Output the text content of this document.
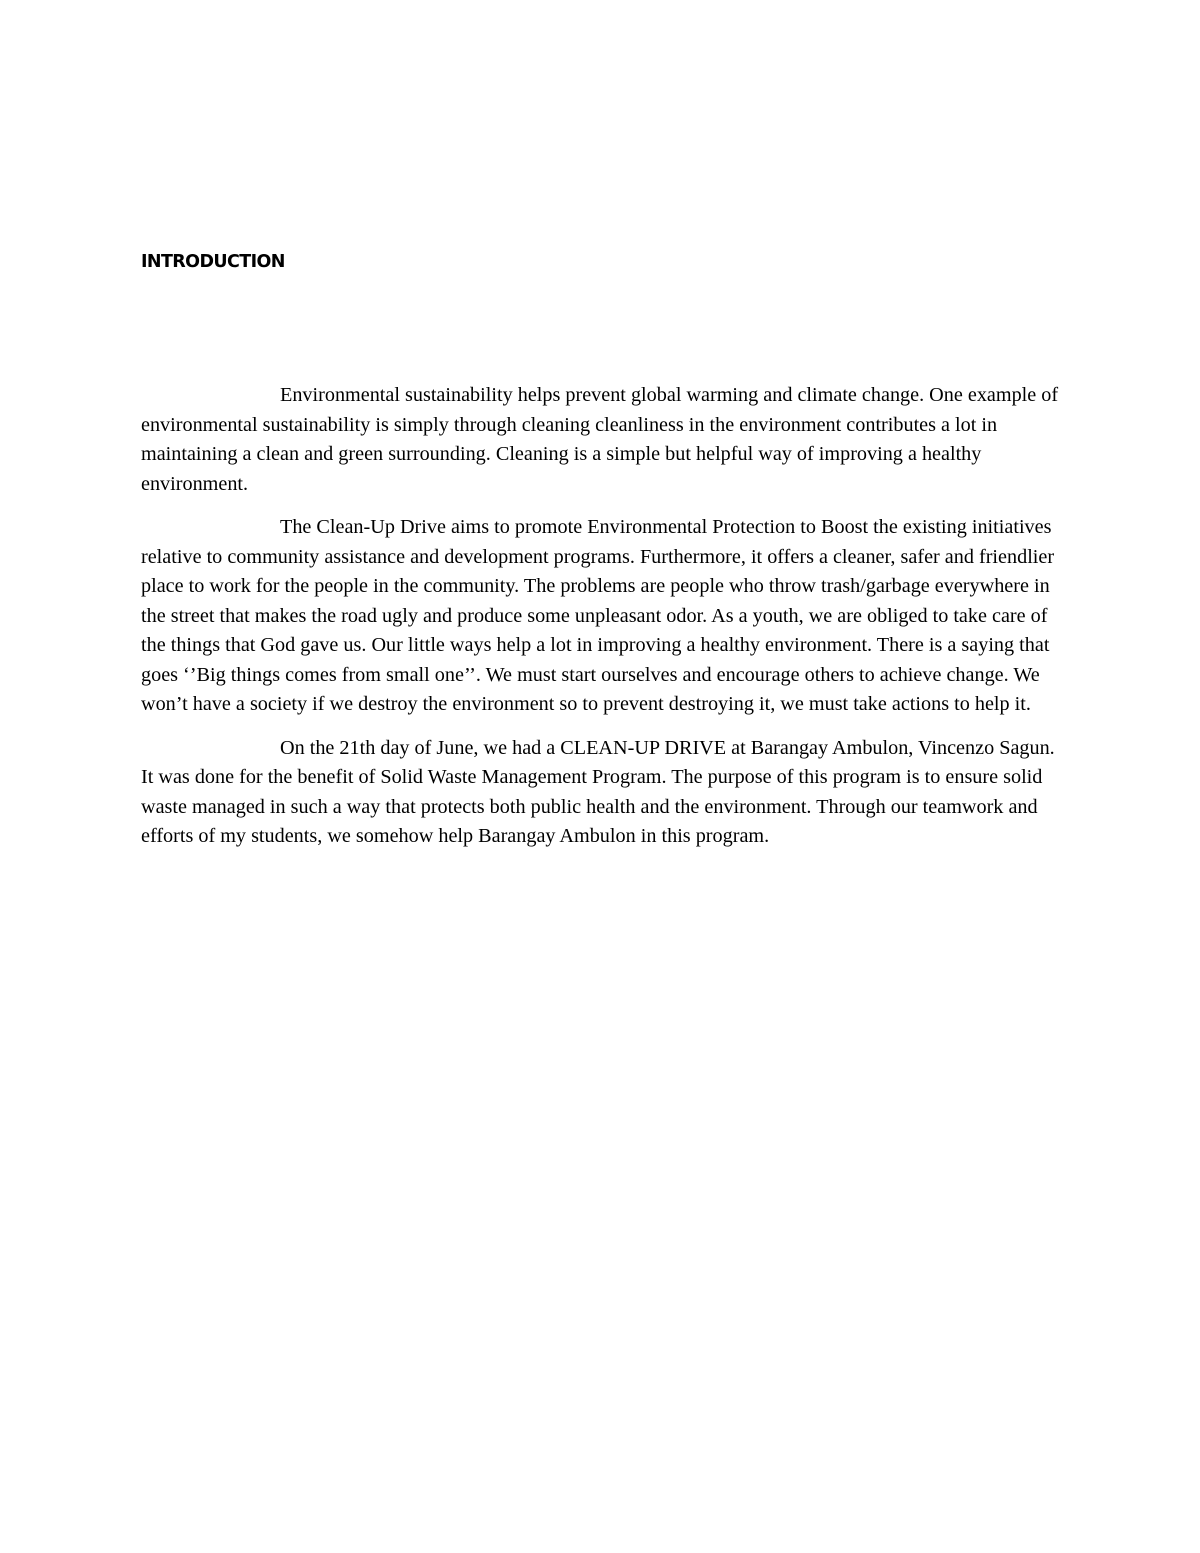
INTRODUCTION

Environmental sustainability helps prevent global warming and climate change. One example of environmental sustainability is simply through cleaning cleanliness in the environment contributes a lot in maintaining a clean and green surrounding. Cleaning is a simple but helpful way of improving a healthy environment.

The Clean-Up Drive aims to promote Environmental Protection to Boost the existing initiatives relative to community assistance and development programs. Furthermore, it offers a cleaner, safer and friendlier place to work for the people in the community. The problems are people who throw trash/garbage everywhere in the street that makes the road ugly and produce some unpleasant odor. As a youth, we are obliged to take care of the things that God gave us. Our little ways help a lot in improving a healthy environment. There is a saying that goes ‘’Big things comes from small one’’. We must start ourselves and encourage others to achieve change. We won’t have a society if we destroy the environment so to prevent destroying it, we must take actions to help it.

On the 21th day of June, we had a CLEAN-UP DRIVE at Barangay Ambulon, Vincenzo Sagun. It was done for the benefit of Solid Waste Management Program. The purpose of this program is to ensure solid waste managed in such a way that protects both public health and the environment. Through our teamwork and efforts of my students, we somehow help Barangay Ambulon in this program.
